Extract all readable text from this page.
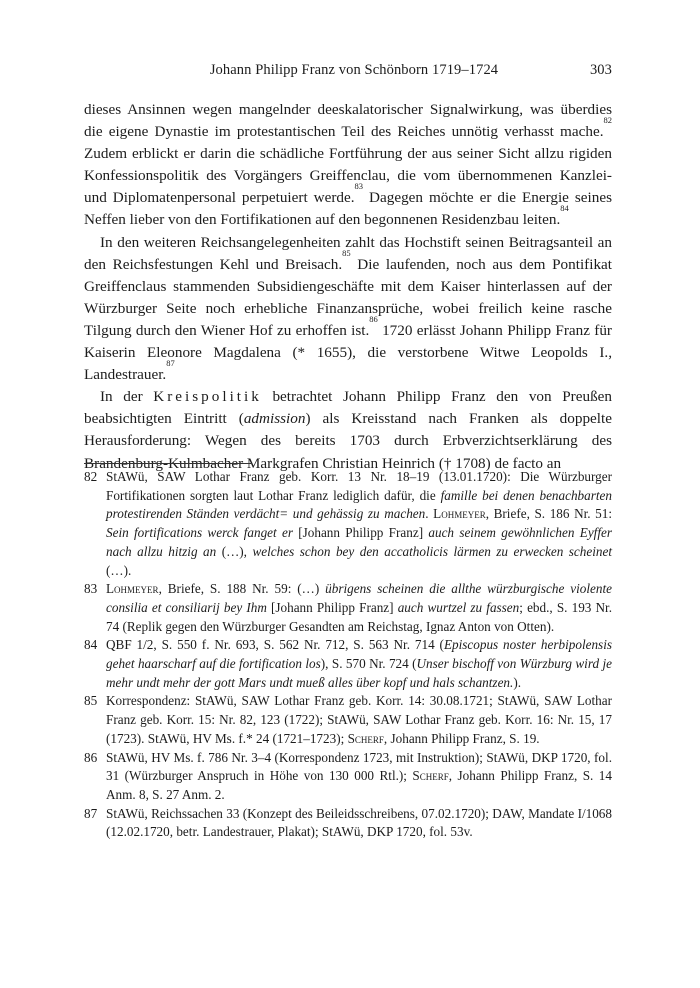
Johann Philipp Franz von Schönborn 1719–1724	303

dieses Ansinnen wegen mangelnder deeskalatorischer Signalwirkung, was überdies die eigene Dynastie im protestantischen Teil des Reiches unnötig verhasst mache.$^{82}$ Zudem erblickt er darin die schädliche Fortführung der aus seiner Sicht allzu rigiden Konfessionspolitik des Vorgängers Greiffenclau, die vom übernommenen Kanzlei- und Diplomatenpersonal perpetuiert werde.$^{83}$ Dagegen möchte er die Energie seines Neffen lieber von den Fortifikationen auf den begonnenen Residenzbau leiten.$^{84}$

In den weiteren Reichsangelegenheiten zahlt das Hochstift seinen Beitragsanteil an den Reichsfestungen Kehl und Breisach.$^{85}$ Die laufenden, noch aus dem Pontifikat Greiffenclaus stammenden Subsidiengeschäfte mit dem Kaiser hinterlassen auf der Würzburger Seite noch erhebliche Finanzansprüche, wobei freilich keine rasche Tilgung durch den Wiener Hof zu erhoffen ist.$^{86}$ 1720 erlässt Johann Philipp Franz für Kaiserin Eleonore Magdalena (* 1655), die verstorbene Witwe Leopolds I., Landestrauer.$^{87}$

In der Kreispolitik betrachtet Johann Philipp Franz den von Preußen beabsichtigten Eintritt (admission) als Kreisstand nach Franken als doppelte Herausforderung: Wegen des bereits 1703 durch Erbverzichtserklärung des Brandenburg-Kulmbacher Markgrafen Christian Heinrich († 1708) de facto an

82 StAWü, SAW Lothar Franz geb. Korr. 13 Nr. 18–19 (13.01.1720): Die Würzburger Fortifikationen sorgten laut Lothar Franz lediglich dafür, die famille bei denen benachbarten protestirenden Ständen verdächt= und gehässig zu machen. Lohmeyer, Briefe, S. 186 Nr. 51: Sein fortifications werck fanget er [Johann Philipp Franz] auch seinem gewöhnlichen Eyffer nach allzu hitzig an (…), welches schon bey den accatholicis lärmen zu erwecken scheinet (…).
83 Lohmeyer, Briefe, S. 188 Nr. 59: (…) übrigens scheinen die allthe würzburgische violente consilia et consiliarij bey Ihm [Johann Philipp Franz] auch wurtzel zu fassen; ebd., S. 193 Nr. 74 (Replik gegen den Würzburger Gesandten am Reichstag, Ignaz Anton von Otten).
84 QBF 1/2, S. 550 f. Nr. 693, S. 562 Nr. 712, S. 563 Nr. 714 (Episcopus noster herbipolensis gehet haarscharf auf die fortification los), S. 570 Nr. 724 (Unser bischoff von Würzburg wird je mehr undt mehr der gott Mars undt mueß alles über kopf und hals schantzen.).
85 Korrespondenz: StAWü, SAW Lothar Franz geb. Korr. 14: 30.08.1721; StAWü, SAW Lothar Franz geb. Korr. 15: Nr. 82, 123 (1722); StAWü, SAW Lothar Franz geb. Korr. 16: Nr. 15, 17 (1723). StAWü, HV Ms. f.* 24 (1721–1723); Scherf, Johann Philipp Franz, S. 19.
86 StAWü, HV Ms. f. 786 Nr. 3–4 (Korrespondenz 1723, mit Instruktion); StAWü, DKP 1720, fol. 31 (Würzburger Anspruch in Höhe von 130 000 Rtl.); Scherf, Johann Philipp Franz, S. 14 Anm. 8, S. 27 Anm. 2.
87 StAWü, Reichssachen 33 (Konzept des Beileidsschreibens, 07.02.1720); DAW, Mandate I/1068 (12.02.1720, betr. Landestrauer, Plakat); StAWü, DKP 1720, fol. 53v.
